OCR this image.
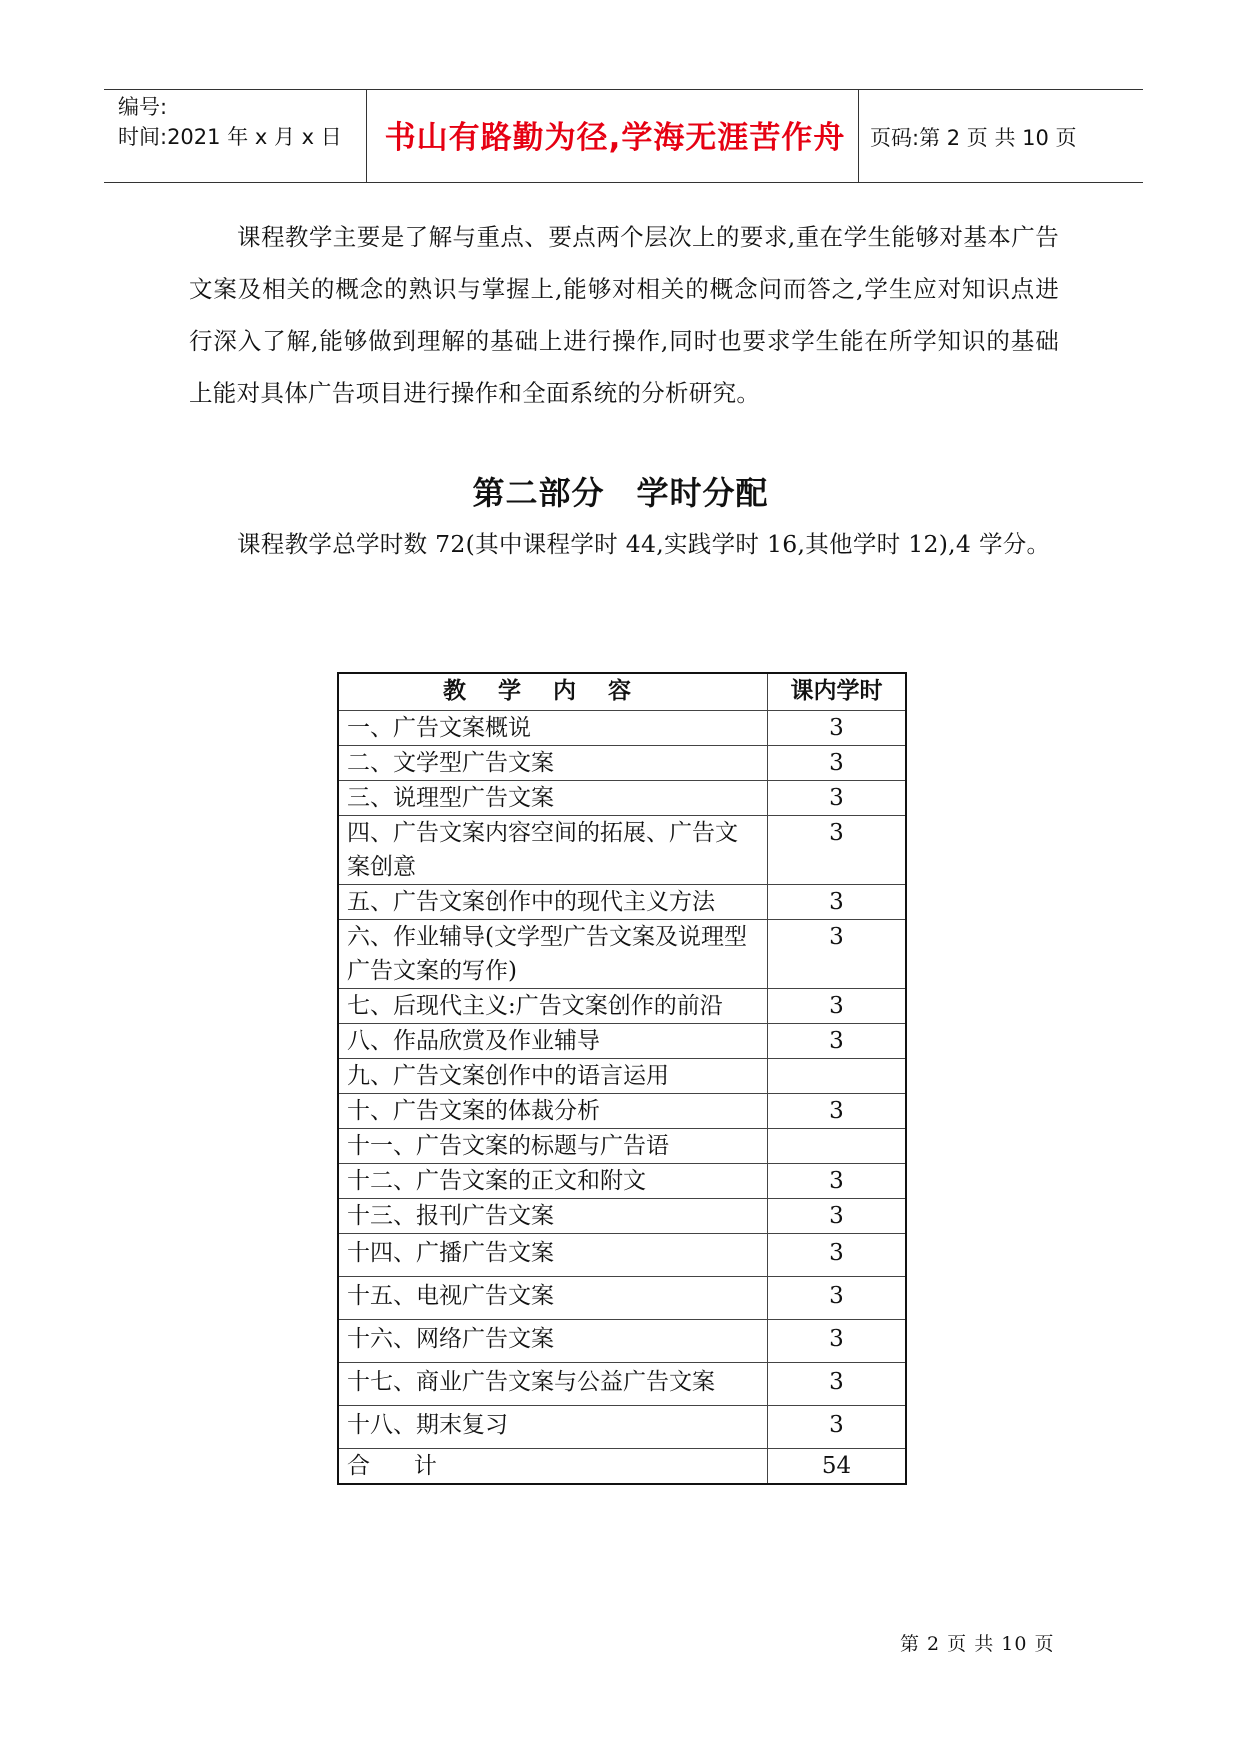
编号:
时间:2021 年 x 月 x 日	书山有路勤为径,学海无涯苦作舟	页码:第 2 页 共 10 页
课程教学主要是了解与重点、要点两个层次上的要求,重在学生能够对基本广告文案及相关的概念的熟识与掌握上,能够对相关的概念问而答之,学生应对知识点进行深入了解,能够做到理解的基础上进行操作,同时也要求学生能在所学知识的基础上能对具体广告项目进行操作和全面系统的分析研究。
第二部分 学时分配
课程教学总学时数 72(其中课程学时 44,实践学时 16,其他学时 12),4 学分。
教学内容	课内学时
一、广告文案概说	3
二、文学型广告文案	3
三、说理型广告文案	3
四、广告文案内容空间的拓展、广告文案创意	3
五、广告文案创作中的现代主义方法	3
六、作业辅导(文学型广告文案及说理型广告文案的写作)	3
七、后现代主义:广告文案创作的前沿	3
八、作品欣赏及作业辅导	3
九、广告文案创作中的语言运用	
十、广告文案的体裁分析	3
十一、广告文案的标题与广告语	
十二、广告文案的正文和附文	3
十三、报刊广告文案	3
十四、广播广告文案	3
十五、电视广告文案	3
十六、网络广告文案	3
十七、商业广告文案与公益广告文案	3
十八、期末复习	3
合      计	54
第 2 页 共 10 页
